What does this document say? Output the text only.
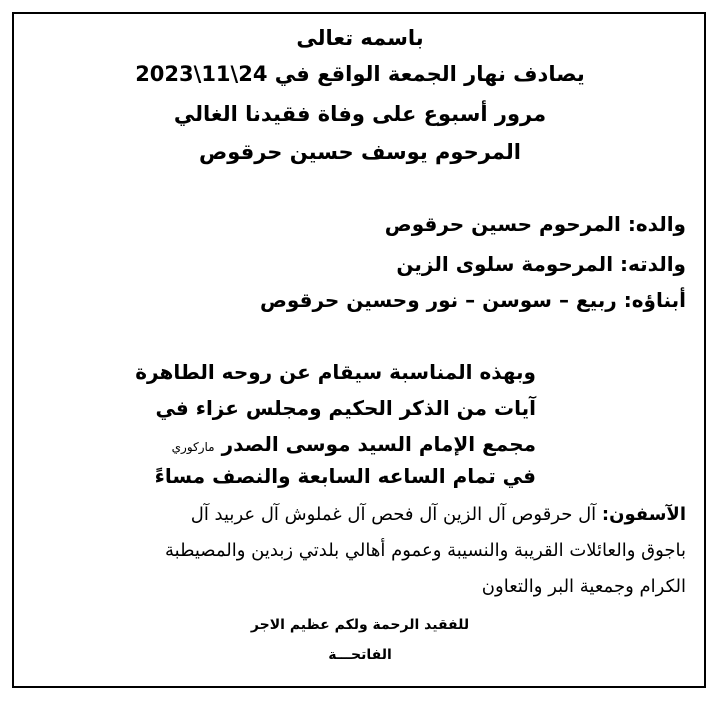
باسمه تعالى
يصادف نهار الجمعة الواقع في 24\11\2023
مرور أسبوع على وفاة فقيدنا الغالي
المرحوم يوسف حسين حرقوص
والده: المرحوم حسين حرقوص
والدته: المرحومة سلوى الزين
أبناؤه: ربيع – سوسن – نور وحسين حرقوص
وبهذه المناسبة سيقام عن روحه الطاهرة
آيات من الذكر الحكيم ومجلس عزاء في
مجمع الإمام السيد موسى الصدر ماركوري
في تمام الساعه السابعة والنصف مساءً
الآسفون: آل حرقوص آل الزين آل فحص آل غملوش آل عربيد آل
باجوق والعائلات القريبة والنسيبة وعموم أهالي بلدتي زبدين والمصيطبة
الكرام وجمعية البر والتعاون
للفقيد الرحمة ولكم عظيم الاجر
الفاتحـــة
